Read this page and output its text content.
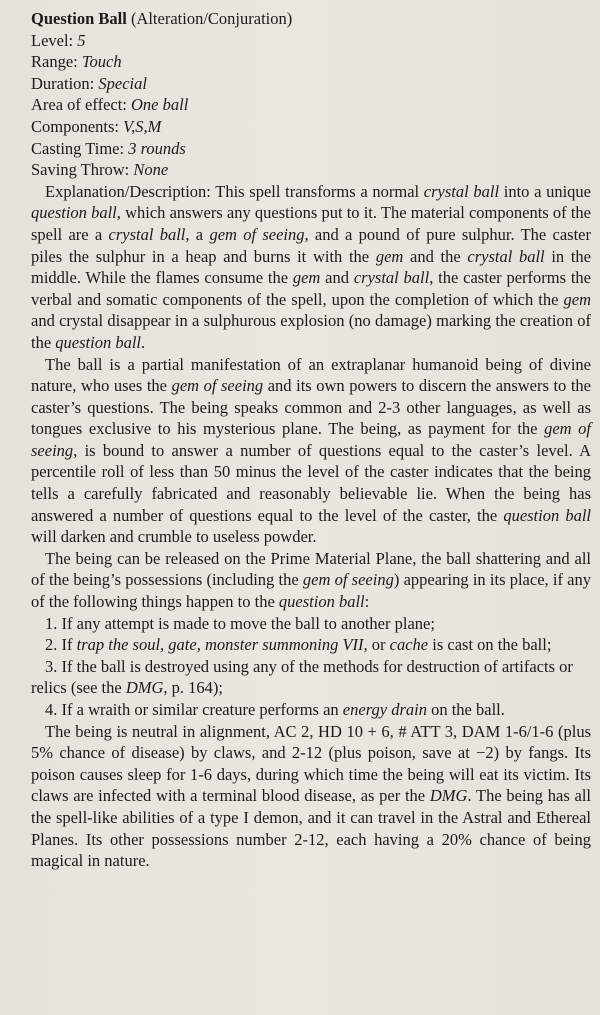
Question Ball (Alteration/Conjuration)

Level: 5

Range: Touch

Duration: Special

Area of effect: One ball

Components: V,S,M

Casting Time: 3 rounds

Saving Throw: None

Explanation/Description: This spell transforms a normal crystal ball into a unique question ball, which answers any questions put to it. The material components of the spell are a crystal ball, a gem of seeing, and a pound of pure sulphur. The caster piles the sulphur in a heap and burns it with the gem and the crystal ball in the middle. While the flames consume the gem and crystal ball, the caster performs the verbal and somatic components of the spell, upon the completion of which the gem and crystal disappear in a sulphurous explosion (no damage) marking the creation of the question ball.

The ball is a partial manifestation of an extraplanar humanoid being of divine nature, who uses the gem of seeing and its own powers to discern the answers to the caster’s questions. The being speaks common and 2-3 other languages, as well as tongues exclusive to his mysterious plane. The being, as payment for the gem of seeing, is bound to answer a number of questions equal to the caster’s level. A percentile roll of less than 50 minus the level of the caster indicates that the being tells a carefully fabricated and reasonably believable lie. When the being has answered a number of questions equal to the level of the caster, the question ball will darken and crumble to useless powder.

The being can be released on the Prime Material Plane, the ball shattering and all of the being’s possessions (including the gem of seeing) appearing in its place, if any of the following things happen to the question ball:

1. If any attempt is made to move the ball to another plane;

2. If trap the soul, gate, monster summoning VII, or cache is cast on the ball;

3. If the ball is destroyed using any of the methods for destruction of artifacts or relics (see the DMG, p. 164);

4. If a wraith or similar creature performs an energy drain on the ball.

The being is neutral in alignment, AC 2, HD 10 + 6, # ATT 3, DAM 1-6/1-6 (plus 5% chance of disease) by claws, and 2-12 (plus poison, save at −2) by fangs. Its poison causes sleep for 1-6 days, during which time the being will eat its victim. Its claws are infected with a terminal blood disease, as per the DMG. The being has all the spell-like abilities of a type I demon, and it can travel in the Astral and Ethereal Planes. Its other possessions number 2-12, each having a 20% chance of being magical in nature.
